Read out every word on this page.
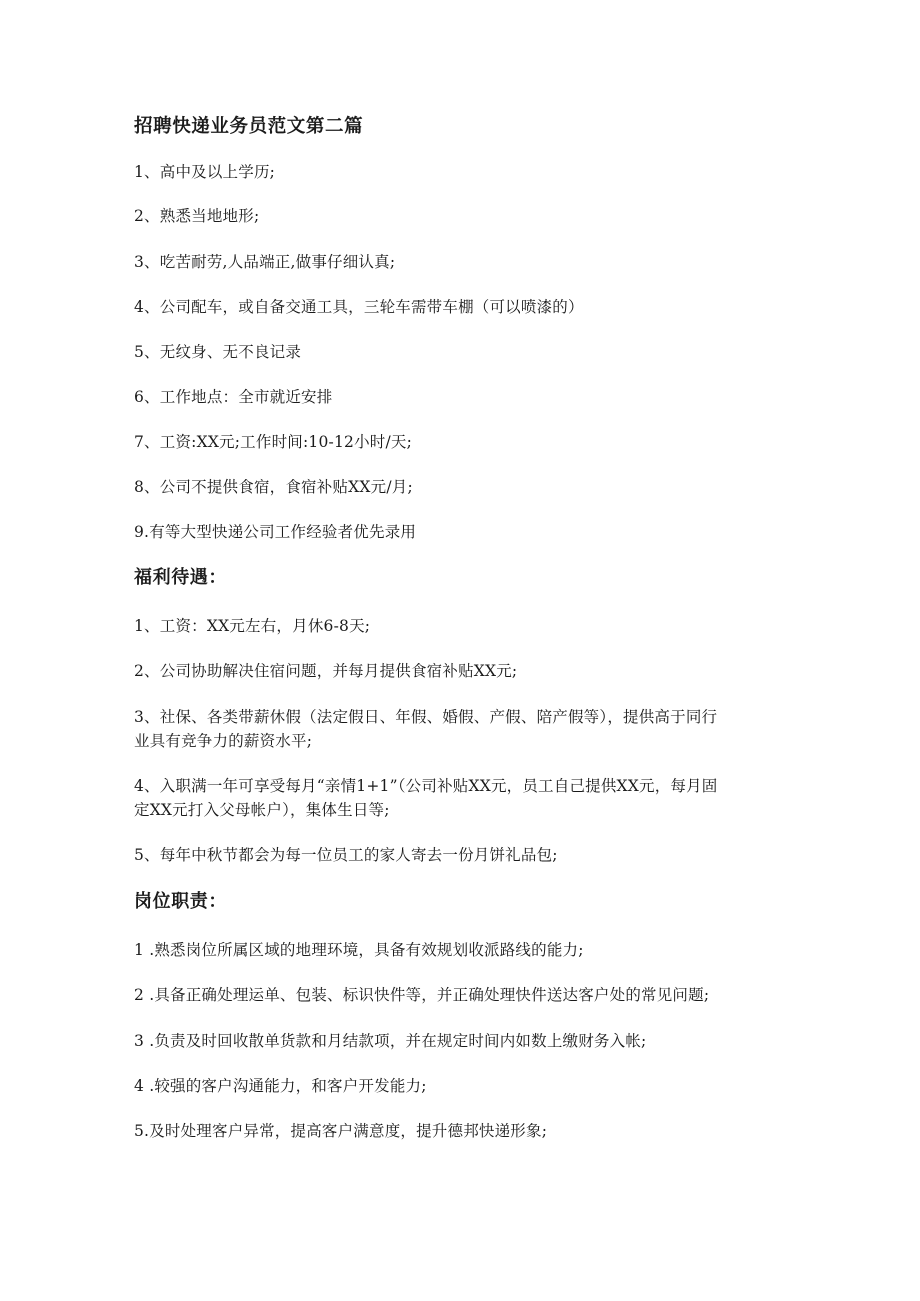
招聘快递业务员范文第二篇

1、高中及以上学历;

2、熟悉当地地形;

3、吃苦耐劳,人品端正,做事仔细认真;

4、公司配车，或自备交通工具，三轮车需带车棚（可以喷漆的）

5、无纹身、无不良记录

6、工作地点：全市就近安排

7、工资:XX元;工作时间:10-12小时/天;

8、公司不提供食宿，食宿补贴XX元/月;

9.有等大型快递公司工作经验者优先录用

福利待遇：

1、工资：XX元左右，月休6-8天;

2、公司协助解决住宿问题，并每月提供食宿补贴XX元;

3、社保、各类带薪休假（法定假日、年假、婚假、产假、陪产假等），提供高于同行

业具有竞争力的薪资水平;

4、入职满一年可享受每月“亲情1+1”（公司补贴XX元，员工自己提供XX元，每月固

定XX元打入父母帐户），集体生日等;

5、每年中秋节都会为每一位员工的家人寄去一份月饼礼品包;

岗位职责：

1 .熟悉岗位所属区域的地理环境，具备有效规划收派路线的能力;

2 .具备正确处理运单、包装、标识快件等，并正确处理快件送达客户处的常见问题;

3 .负责及时回收散单货款和月结款项，并在规定时间内如数上缴财务入帐;

4 .较强的客户沟通能力，和客户开发能力;

5.及时处理客户异常，提高客户满意度，提升德邦快递形象;
